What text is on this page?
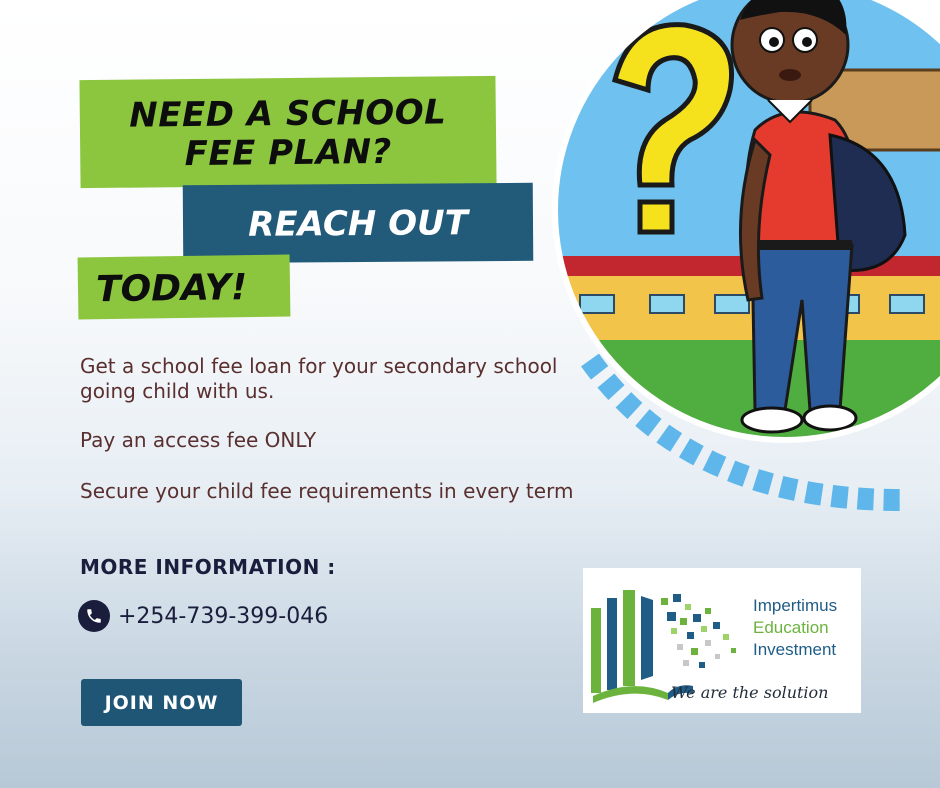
NEED A SCHOOL
FEE PLAN?
REACH OUT
TODAY!
Get a school fee loan for your secondary school going child with us.
Pay an access fee ONLY
Secure your child fee requirements in every term
MORE INFORMATION :
+254-739-399-046
JOIN NOW
Impertimus
Education
Investment
We are the solution
